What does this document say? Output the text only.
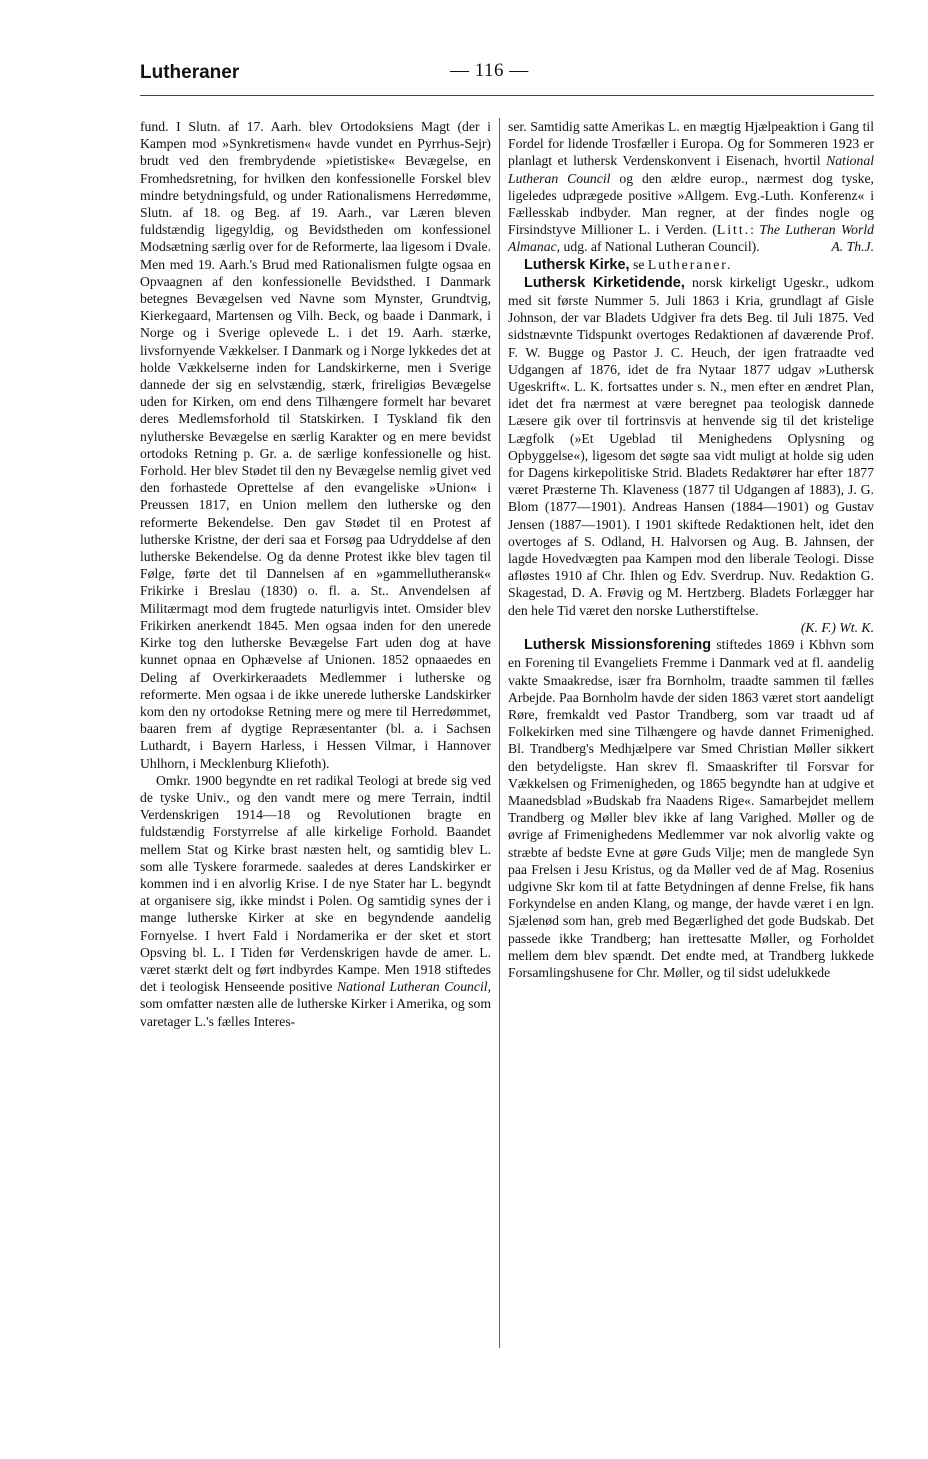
Lutheraner	— 116 —

fund. I Slutn. af 17. Aarh. blev Ortodoksiens Magt (der i Kampen mod »Synkretismen« havde vundet en Pyrrhus-Sejr) brudt ved den frembrydende »pietistiske« Bevægelse, en Fromhedsretning, for hvilken den konfessionelle Forskel blev mindre betydningsfuld, og under Rationalismens Herredømme, Slutn. af 18. og Beg. af 19. Aarh., var Læren bleven fuldstændig ligegyldig, og Bevidstheden om konfessionel Modsætning særlig over for de Reformerte, laa ligesom i Dvale. Men med 19. Aarh.'s Brud med Rationalismen fulgte ogsaa en Opvaagnen af den konfessionelle Bevidsthed. I Danmark betegnes Bevægelsen ved Navne som Mynster, Grundtvig, Kierkegaard, Martensen og Vilh. Beck, og baade i Danmark, i Norge og i Sverige oplevede L. i det 19. Aarh. stærke, livsfornyende Vækkelser. I Danmark og i Norge lykkedes det at holde Vækkelserne inden for Landskirkerne, men i Sverige dannede der sig en selvstændig, stærk, frireligiøs Bevægelse uden for Kirken, om end dens Tilhængere formelt har bevaret deres Medlemsforhold til Statskirken. I Tyskland fik den nylutherske Bevægelse en særlig Karakter og en mere bevidst ortodoks Retning p. Gr. a. de særlige konfessionelle og hist. Forhold. Her blev Stødet til den ny Bevægelse nemlig givet ved den forhastede Oprettelse af den evangeliske »Union« i Preussen 1817, en Union mellem den lutherske og den reformerte Bekendelse. Den gav Stødet til en Protest af lutherske Kristne, der deri saa et Forsøg paa Udryddelse af den lutherske Bekendelse. Og da denne Protest ikke blev tagen til Følge, førte det til Dannelsen af en »gammellutheransk« Frikirke i Breslau (1830) o. fl. a. St.. Anvendelsen af Militærmagt mod dem frugtede naturligvis intet. Omsider blev Frikirken anerkendt 1845. Men ogsaa inden for den unerede Kirke tog den lutherske Bevægelse Fart uden dog at have kunnet opnaa en Ophævelse af Unionen. 1852 opnaaedes en Deling af Overkirkeraadets Medlemmer i lutherske og reformerte. Men ogsaa i de ikke unerede lutherske Landskirker kom den ny ortodokse Retning mere og mere til Herredømmet, baaren frem af dygtige Repræsentanter (bl. a. i Sachsen Luthardt, i Bayern Harless, i Hessen Vilmar, i Hannover Uhlhorn, i Mecklenburg Kliefoth).

Omkr. 1900 begyndte en ret radikal Teologi at brede sig ved de tyske Univ., og den vandt mere og mere Terrain, indtil Verdenskrigen 1914—18 og Revolutionen bragte en fuldstændig Forstyrrelse af alle kirkelige Forhold. Baandet mellem Stat og Kirke brast næsten helt, og samtidig blev L. som alle Tyskere forarmede. saaledes at deres Landskirker er kommen ind i en alvorlig Krise. I de nye Stater har L. begyndt at organisere sig, ikke mindst i Polen. Og samtidig synes der i mange lutherske Kirker at ske en begyndende aandelig Fornyelse. I hvert Fald i Nordamerika er der sket et stort Opsving bl. L. I Tiden før Verdenskrigen havde de amer. L. været stærkt delt og ført indbyrdes Kampe. Men 1918 stiftedes det i teologisk Henseende positive National Lutheran Council, som omfatter næsten alle de lutherske Kirker i Amerika, og som varetager L.'s fælles Interes-

ser. Samtidig satte Amerikas L. en mægtig Hjælpeaktion i Gang til Fordel for lidende Trosfæller i Europa. Og for Sommeren 1923 er planlagt et luthersk Verdenskonvent i Eisenach, hvortil National Lutheran Council og den ældre europ., nærmest dog tyske, ligeledes udprægede positive »Allgem. Evg.-Luth. Konferenz« i Fællesskab indbyder. Man regner, at der findes nogle og Firsindstyve Millioner L. i Verden. (Litt.: The Lutheran World Almanac, udg. af National Lutheran Council).	A. Th.J.

Luthersk Kirke, se Lutheraner.

Luthersk Kirketidende, norsk kirkeligt Ugeskr., udkom med sit første Nummer 5. Juli 1863 i Kria, grundlagt af Gisle Johnson, der var Bladets Udgiver fra dets Beg. til Juli 1875. Ved sidstnævnte Tidspunkt overtoges Redaktionen af daværende Prof. F. W. Bugge og Pastor J. C. Heuch, der igen fratraadte ved Udgangen af 1876, idet de fra Nytaar 1877 udgav »Luthersk Ugeskrift«. L. K. fortsattes under s. N., men efter en ændret Plan, idet det fra nærmest at være beregnet paa teologisk dannede Læsere gik over til fortrinsvis at henvende sig til det kristelige Lægfolk (»Et Ugeblad til Menighedens Oplysning og Opbyggelse«), ligesom det søgte saa vidt muligt at holde sig uden for Dagens kirkepolitiske Strid. Bladets Redaktører har efter 1877 været Præsterne Th. Klaveness (1877 til Udgangen af 1883), J. G. Blom (1877—1901). Andreas Hansen (1884—1901) og Gustav Jensen (1887—1901). I 1901 skiftede Redaktionen helt, idet den overtoges af S. Odland, H. Halvorsen og Aug. B. Jahnsen, der lagde Hovedvægten paa Kampen mod den liberale Teologi. Disse afløstes 1910 af Chr. Ihlen og Edv. Sverdrup. Nuv. Redaktion G. Skagestad, D. A. Frøvig og M. Hertzberg. Bladets Forlægger har den hele Tid været den norske Lutherstiftelse.

(K. F.) Wt. K.

Luthersk Missionsforening stiftedes 1869 i Kbhvn som en Forening til Evangeliets Fremme i Danmark ved at fl. aandelig vakte Smaakredse, især fra Bornholm, traadte sammen til fælles Arbejde. Paa Bornholm havde der siden 1863 været stort aandeligt Røre, fremkaldt ved Pastor Trandberg, som var traadt ud af Folkekirken med sine Tilhængere og havde dannet Frimenighed. Bl. Trandberg's Medhjælpere var Smed Christian Møller sikkert den betydeligste. Han skrev fl. Smaaskrifter til Forsvar for Vækkelsen og Frimenigheden, og 1865 begyndte han at udgive et Maanedsblad »Budskab fra Naadens Rige«. Samarbejdet mellem Trandberg og Møller blev ikke af lang Varighed. Møller og de øvrige af Frimenighedens Medlemmer var nok alvorlig vakte og stræbte af bedste Evne at gøre Guds Vilje; men de manglede Syn paa Frelsen i Jesu Kristus, og da Møller ved de af Mag. Rosenius udgivne Skr kom til at fatte Betydningen af denne Frelse, fik hans Forkyndelse en anden Klang, og mange, der havde været i en lgn. Sjælenød som han, greb med Begærlighed det gode Budskab. Det passede ikke Trandberg; han irettesatte Møller, og Forholdet mellem dem blev spændt. Det endte med, at Trandberg lukkede Forsamlingshusene for Chr. Møller, og til sidst udelukkede
